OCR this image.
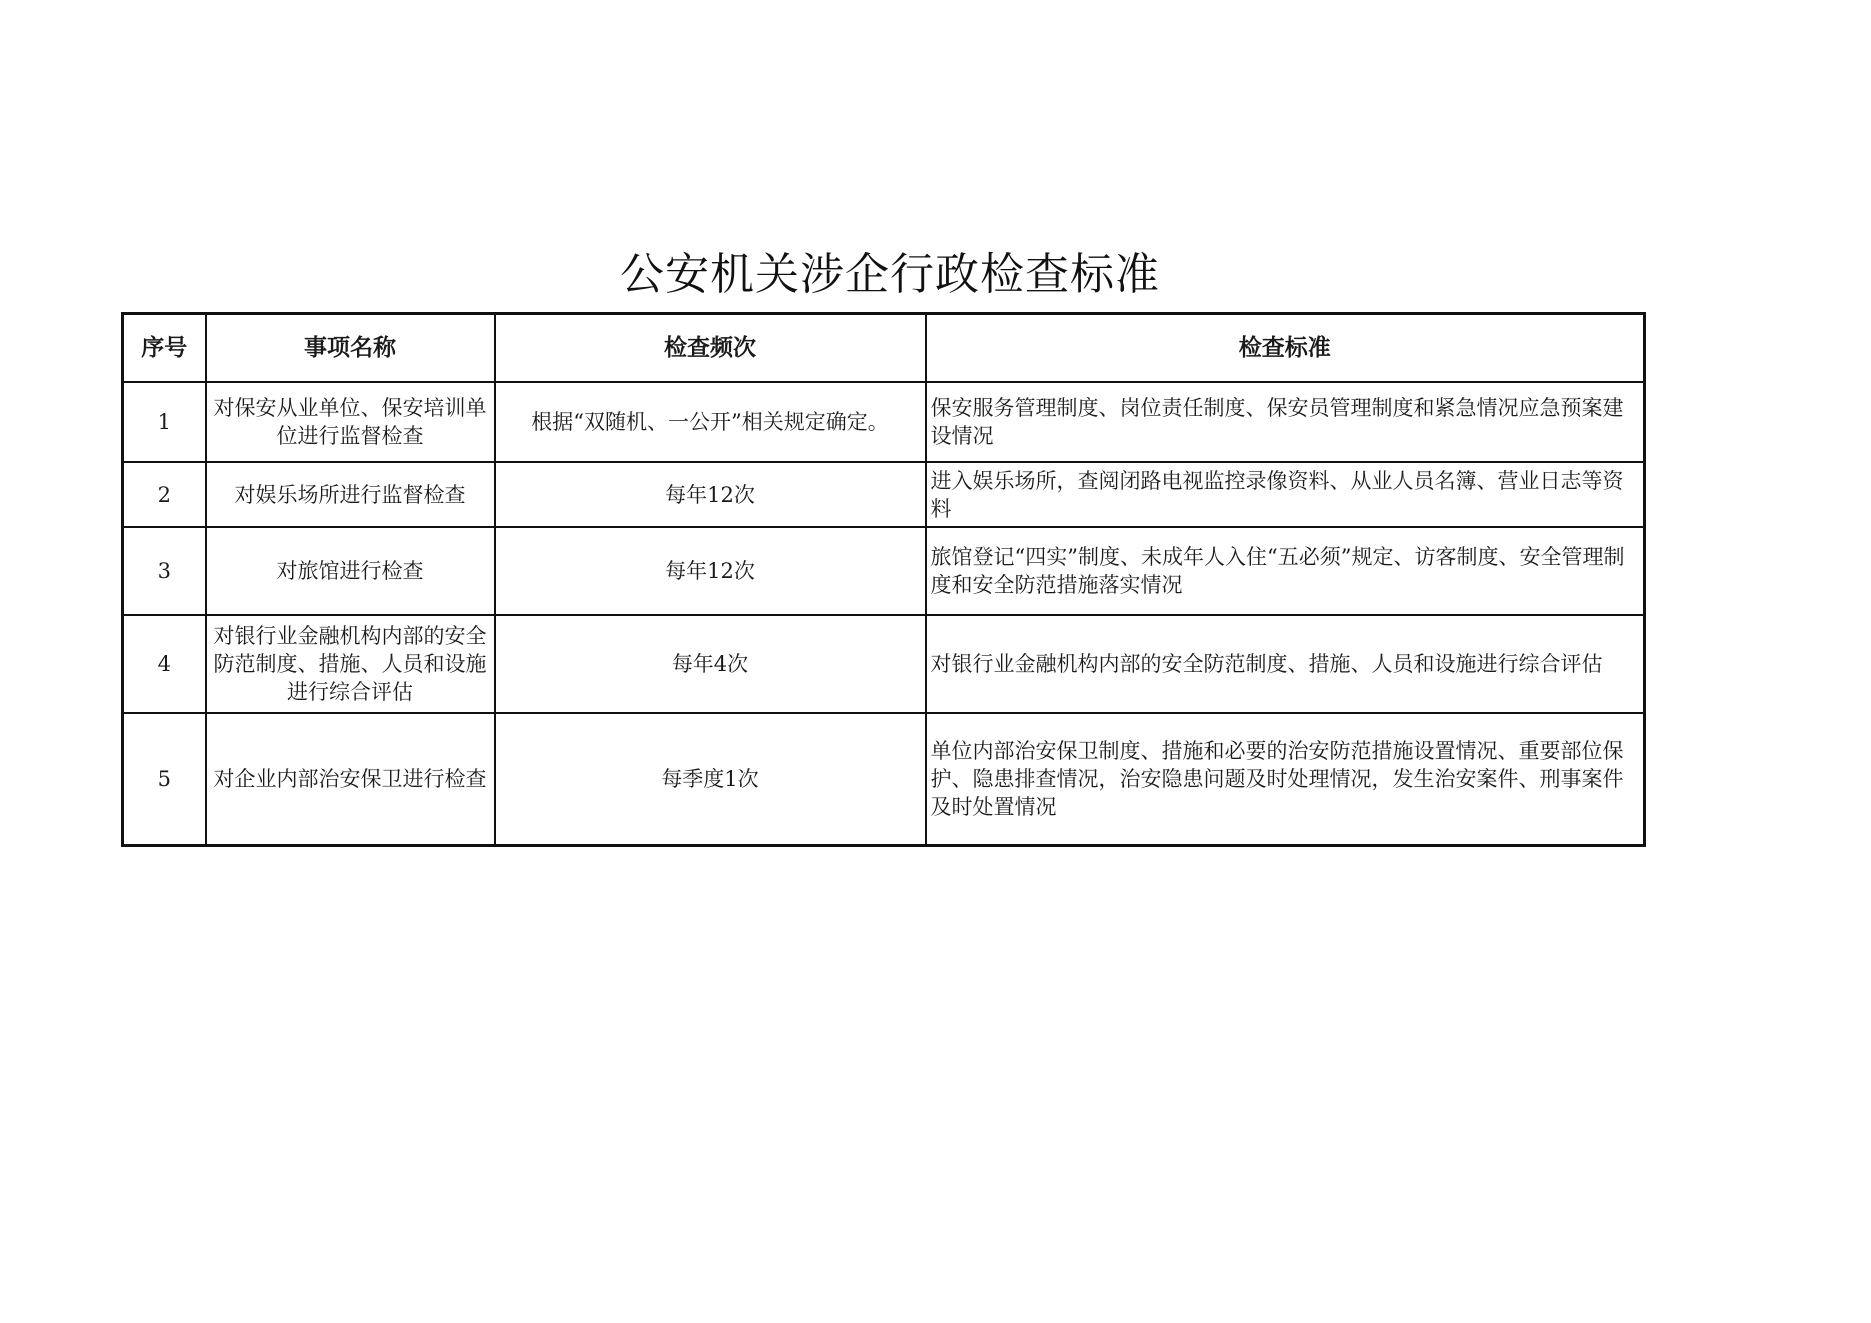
公安机关涉企行政检查标准
序号	事项名称	检查频次	检查标准
1	对保安从业单位、保安培训单位进行监督检查	根据“双随机、一公开”相关规定确定。	保安服务管理制度、岗位责任制度、保安员管理制度和紧急情况应急预案建设情况
2	对娱乐场所进行监督检查	每年12次	进入娱乐场所，查阅闭路电视监控录像资料、从业人员名簿、营业日志等资料
3	对旅馆进行检查	每年12次	旅馆登记“四实”制度、未成年人入住“五必须”规定、访客制度、安全管理制度和安全防范措施落实情况
4	对银行业金融机构内部的安全防范制度、措施、人员和设施进行综合评估	每年4次	对银行业金融机构内部的安全防范制度、措施、人员和设施进行综合评估
5	对企业内部治安保卫进行检查	每季度1次	单位内部治安保卫制度、措施和必要的治安防范措施设置情况、重要部位保护、隐患排查情况，治安隐患问题及时处理情况，发生治安案件、刑事案件及时处置情况
